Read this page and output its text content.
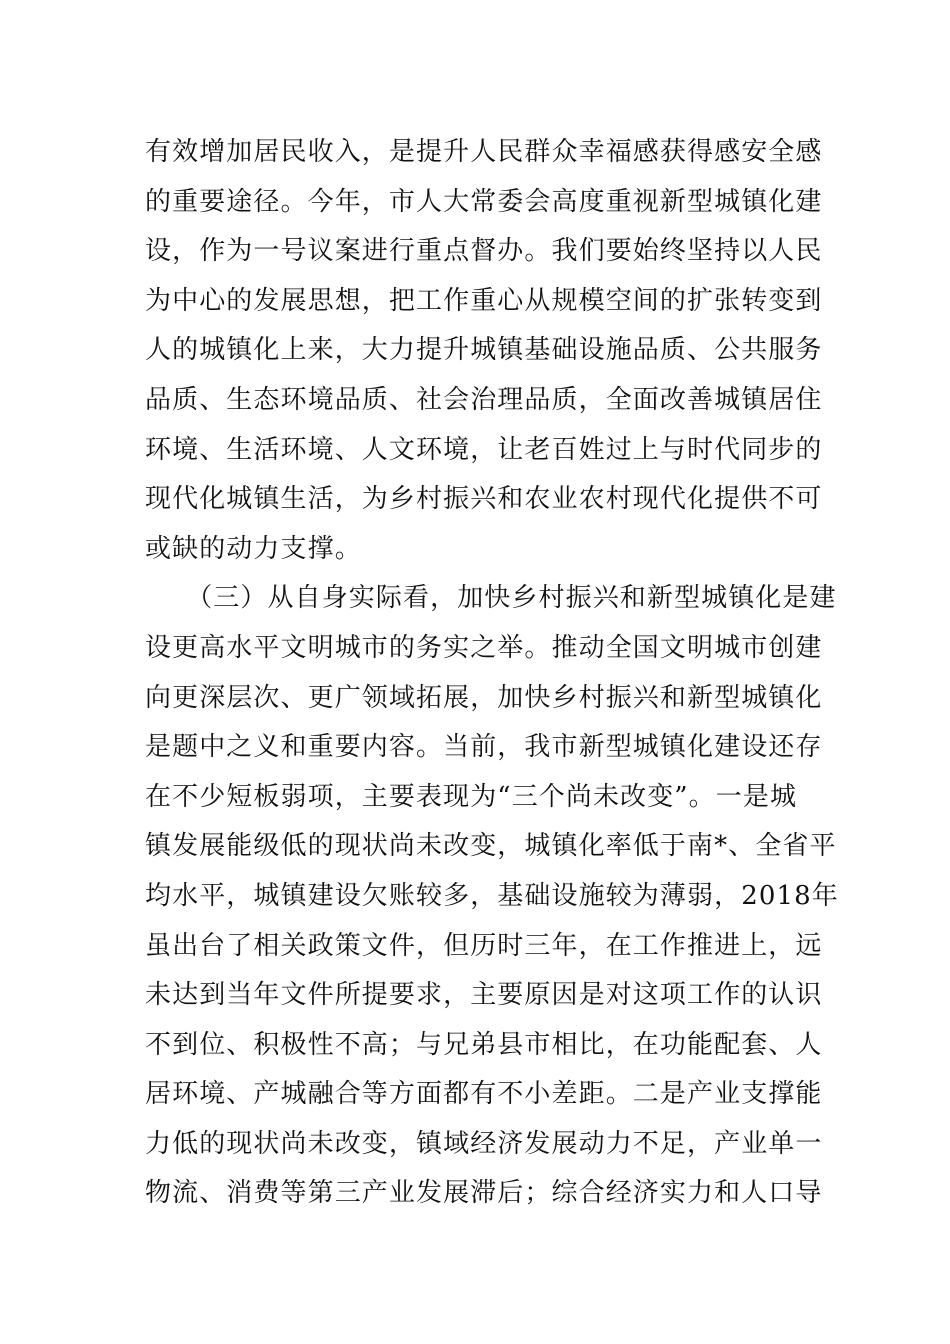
有效增加居民收入，是提升人民群众幸福感获得感安全感
的重要途径。今年，市人大常委会高度重视新型城镇化建
设，作为一号议案进行重点督办。我们要始终坚持以人民
为中心的发展思想，把工作重心从规模空间的扩张转变到
人的城镇化上来，大力提升城镇基础设施品质、公共服务
品质、生态环境品质、社会治理品质，全面改善城镇居住
环境、生活环境、人文环境，让老百姓过上与时代同步的
现代化城镇生活，为乡村振兴和农业农村现代化提供不可
或缺的动力支撑。
　　（三）从自身实际看，加快乡村振兴和新型城镇化是建
设更高水平文明城市的务实之举。推动全国文明城市创建
向更深层次、更广领域拓展，加快乡村振兴和新型城镇化
是题中之义和重要内容。当前，我市新型城镇化建设还存
在不少短板弱项，主要表现为“三个尚未改变”。一是城
镇发展能级低的现状尚未改变，城镇化率低于南*、全省平
均水平，城镇建设欠账较多，基础设施较为薄弱，2018年
虽出台了相关政策文件，但历时三年，在工作推进上，远
未达到当年文件所提要求，主要原因是对这项工作的认识
不到位、积极性不高；与兄弟县市相比，在功能配套、人
居环境、产城融合等方面都有不小差距。二是产业支撑能
力低的现状尚未改变，镇域经济发展动力不足，产业单一
物流、消费等第三产业发展滞后；综合经济实力和人口导
